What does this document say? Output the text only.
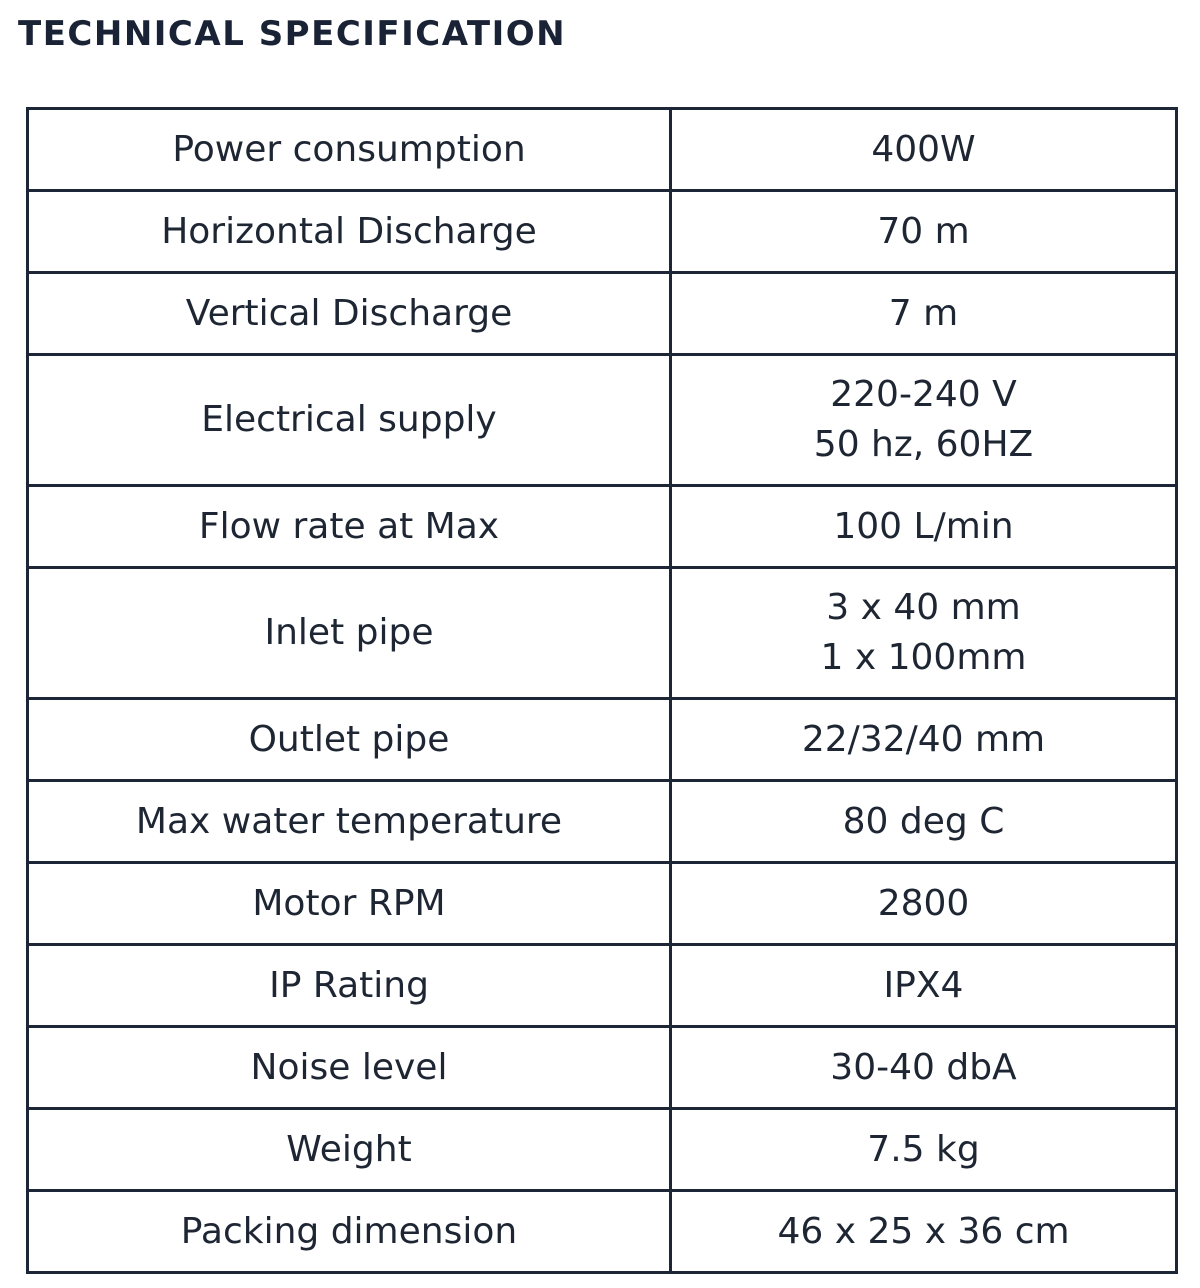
TECHNICAL SPECIFICATION
Power consumption	400W
Horizontal Discharge	70 m
Vertical Discharge	7 m
Electrical supply	220-240 V
50 hz, 60HZ
Flow rate at Max	100 L/min
Inlet pipe	3 x 40 mm
1 x 100mm
Outlet pipe	22/32/40 mm
Max water temperature	80 deg C
Motor RPM	2800
IP Rating	IPX4
Noise level	30-40 dbA
Weight	7.5 kg
Packing dimension	46 x 25 x 36 cm
